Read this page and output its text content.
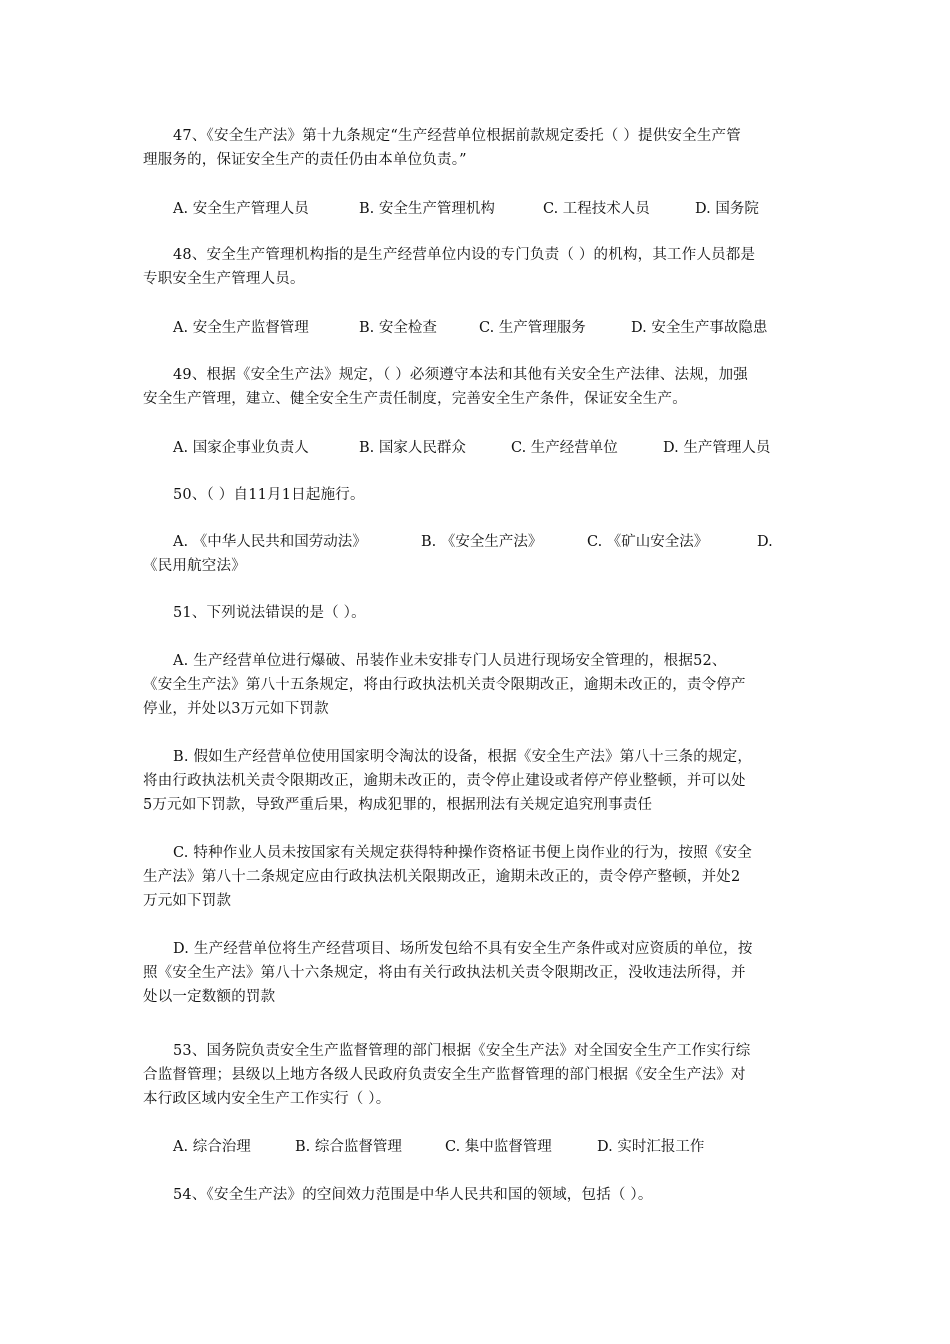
47、《安全生产法》第十九条规定“生产经营单位根据前款规定委托（ ）提供安全生产管
理服务的，保证安全生产的责任仍由本单位负责。”
A. 安全生产管理人员	B. 安全生产管理机构	C. 工程技术人员	D. 国务院
48、安全生产管理机构指的是生产经营单位内设的专门负责（ ）的机构，其工作人员都是
专职安全生产管理人员。
A. 安全生产监督管理	B. 安全检查	C. 生产管理服务	D. 安全生产事故隐患
49、根据《安全生产法》规定，（ ）必须遵守本法和其他有关安全生产法律、法规，加强
安全生产管理，建立、健全安全生产责任制度，完善安全生产条件，保证安全生产。
A. 国家企事业负责人	B. 国家人民群众	C. 生产经营单位	D. 生产管理人员
50、（ ）自11月1日起施行。
A. 《中华人民共和国劳动法》	B. 《安全生产法》	C. 《矿山安全法》	D.
《民用航空法》
51、下列说法错误的是（ ）。
A. 生产经营单位进行爆破、吊装作业未安排专门人员进行现场安全管理的，根据52、
《安全生产法》第八十五条规定，将由行政执法机关责令限期改正，逾期未改正的，责令停产
停业，并处以3万元如下罚款
B. 假如生产经营单位使用国家明令淘汰的设备，根据《安全生产法》第八十三条的规定，
将由行政执法机关责令限期改正，逾期未改正的，责令停止建设或者停产停业整顿，并可以处
5万元如下罚款，导致严重后果，构成犯罪的，根据刑法有关规定追究刑事责任
C. 特种作业人员未按国家有关规定获得特种操作资格证书便上岗作业的行为，按照《安全
生产法》第八十二条规定应由行政执法机关限期改正，逾期未改正的，责令停产整顿，并处2
万元如下罚款
D. 生产经营单位将生产经营项目、场所发包给不具有安全生产条件或对应资质的单位，按
照《安全生产法》第八十六条规定，将由有关行政执法机关责令限期改正，没收违法所得，并
处以一定数额的罚款
53、国务院负责安全生产监督管理的部门根据《安全生产法》对全国安全生产工作实行综
合监督管理；县级以上地方各级人民政府负责安全生产监督管理的部门根据《安全生产法》对
本行政区域内安全生产工作实行（ ）。
A. 综合治理	B. 综合监督管理	C. 集中监督管理	D. 实时汇报工作
54、《安全生产法》的空间效力范围是中华人民共和国的领域，包括（ ）。
